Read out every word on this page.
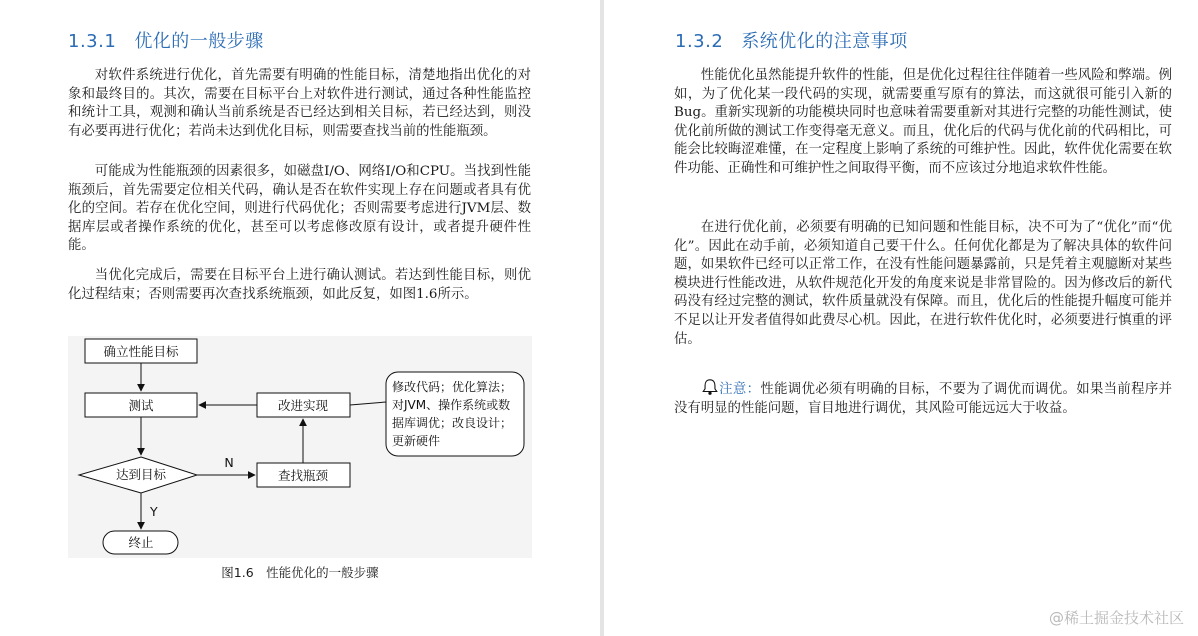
1.3.1 优化的一般步骤

对软件系统进行优化，首先需要有明确的性能目标，清楚地指出优化的对象和最终目的。其次，需要在目标平台上对软件进行测试，通过各种性能监控和统计工具，观测和确认当前系统是否已经达到相关目标，若已经达到，则没有必要再进行优化；若尚未达到优化目标，则需要查找当前的性能瓶颈。

可能成为性能瓶颈的因素很多，如磁盘I/O、网络I/O和CPU。当找到性能瓶颈后，首先需要定位相关代码，确认是否在软件实现上存在问题或者具有优化的空间。若存在优化空间，则进行代码优化；否则需要考虑进行JVM层、数据库层或者操作系统的优化，甚至可以考虑修改原有设计，或者提升硬件性能。

当优化完成后，需要在目标平台上进行确认测试。若达到性能目标，则优化过程结束；否则需要再次查找系统瓶颈，如此反复，如图1.6所示。

确立性能目标
测试	改进实现
达到目标
N
查找瓶颈
Y
终止
修改代码；优化算法；
对JVM、操作系统或数
据库调优；改良设计；
更新硬件
图1.6　性能优化的一般步骤
1.3.2 系统优化的注意事项

性能优化虽然能提升软件的性能，但是优化过程往往伴随着一些风险和弊端。例如，为了优化某一段代码的实现，就需要重写原有的算法，而这就很可能引入新的Bug。重新实现新的功能模块同时也意味着需要重新对其进行完整的功能性测试，使优化前所做的测试工作变得毫无意义。而且，优化后的代码与优化前的代码相比，可能会比较晦涩难懂，在一定程度上影响了系统的可维护性。因此，软件优化需要在软件功能、正确性和可维护性之间取得平衡，而不应该过分地追求软件性能。

在进行优化前，必须要有明确的已知问题和性能目标，决不可为了“优化”而“优化”。因此在动手前，必须知道自己要干什么。任何优化都是为了解决具体的软件问题，如果软件已经可以正常工作，在没有性能问题暴露前，只是凭着主观臆断对某些模块进行性能改进，从软件规范化开发的角度来说是非常冒险的。因为修改后的新代码没有经过完整的测试，软件质量就没有保障。而且，优化后的性能提升幅度可能并不足以让开发者值得如此费尽心机。因此，在进行软件优化时，必须要进行慎重的评估。

注意：性能调优必须有明确的目标，不要为了调优而调优。如果当前程序并没有明显的性能问题，盲目地进行调优，其风险可能远远大于收益。

@稀土掘金技术社区
